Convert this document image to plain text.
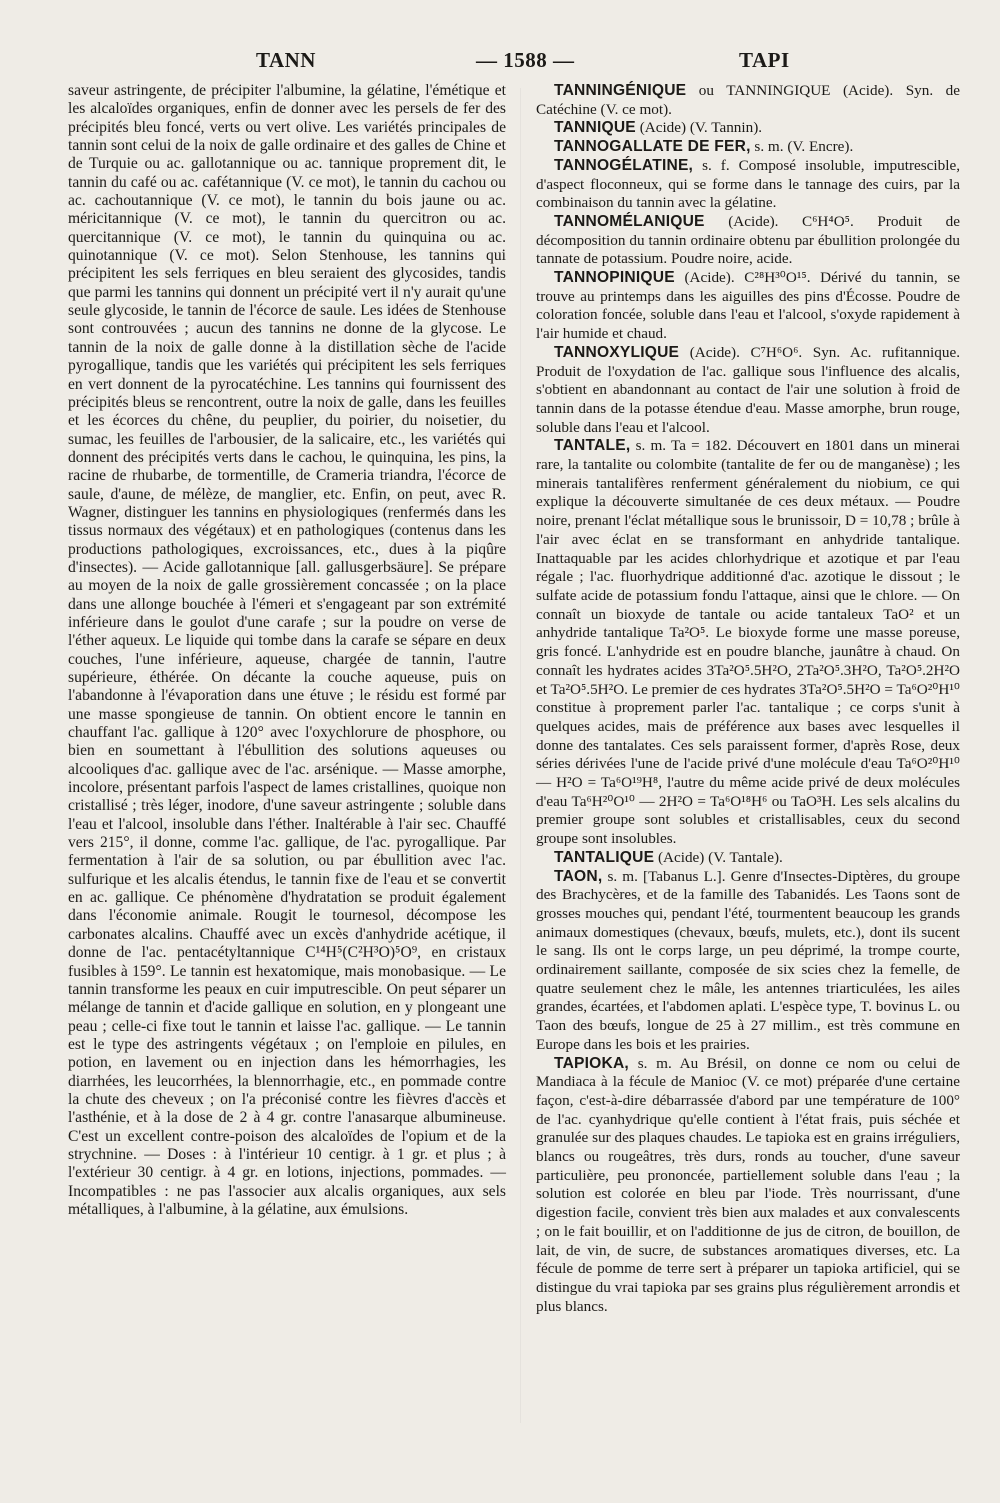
TANN	— 1588 —	TAPI

saveur astringente, de précipiter l'albumine, la gélatine, l'émétique et les alcaloïdes organiques, enfin de donner avec les persels de fer des précipités bleu foncé, verts ou vert olive. Les variétés principales de tannin sont celui de la noix de galle ordinaire et des galles de Chine et de Turquie ou ac. gallotannique ou ac. tannique proprement dit, le tannin du café ou ac. cafétannique (V. ce mot), le tannin du cachou ou ac. cachoutannique (V. ce mot), le tannin du bois jaune ou ac. méricitannique (V. ce mot), le tannin du quercitron ou ac. quercitannique (V. ce mot), le tannin du quinquina ou ac. quinotannique (V. ce mot). Selon Stenhouse, les tannins qui précipitent les sels ferriques en bleu seraient des glycosides, tandis que parmi les tannins qui donnent un précipité vert il n'y aurait qu'une seule glycoside, le tannin de l'écorce de saule. Les idées de Stenhouse sont controuvées ; aucun des tannins ne donne de la glycose. Le tannin de la noix de galle donne à la distillation sèche de l'acide pyrogallique, tandis que les variétés qui précipitent les sels ferriques en vert donnent de la pyrocatéchine. Les tannins qui fournissent des précipités bleus se rencontrent, outre la noix de galle, dans les feuilles et les écorces du chêne, du peuplier, du poirier, du noisetier, du sumac, les feuilles de l'arbousier, de la salicaire, etc., les variétés qui donnent des précipités verts dans le cachou, le quinquina, les pins, la racine de rhubarbe, de tormentille, de Crameria triandra, l'écorce de saule, d'aune, de mélèze, de manglier, etc. Enfin, on peut, avec R. Wagner, distinguer les tannins en physiologiques (renfermés dans les tissus normaux des végétaux) et en pathologiques (contenus dans les productions pathologiques, excroissances, etc., dues à la piqûre d'insectes). — Acide gallotannique [all. gallusgerbsäure]. Se prépare au moyen de la noix de galle grossièrement concassée ; on la place dans une allonge bouchée à l'émeri et s'engageant par son extrémité inférieure dans le goulot d'une carafe ; sur la poudre on verse de l'éther aqueux. Le liquide qui tombe dans la carafe se sépare en deux couches, l'une inférieure, aqueuse, chargée de tannin, l'autre supérieure, éthérée. On décante la couche aqueuse, puis on l'abandonne à l'évaporation dans une étuve ; le résidu est formé par une masse spongieuse de tannin. On obtient encore le tannin en chauffant l'ac. gallique à 120° avec l'oxychlorure de phosphore, ou bien en soumettant à l'ébullition des solutions aqueuses ou alcooliques d'ac. gallique avec de l'ac. arsénique. — Masse amorphe, incolore, présentant parfois l'aspect de lames cristallines, quoique non cristallisé ; très léger, inodore, d'une saveur astringente ; soluble dans l'eau et l'alcool, insoluble dans l'éther. Inaltérable à l'air sec. Chauffé vers 215°, il donne, comme l'ac. gallique, de l'ac. pyrogallique. Par fermentation à l'air de sa solution, ou par ébullition avec l'ac. sulfurique et les alcalis étendus, le tannin fixe de l'eau et se convertit en ac. gallique. Ce phénomène d'hydratation se produit également dans l'économie animale. Rougit le tournesol, décompose les carbonates alcalins. Chauffé avec un excès d'anhydride acétique, il donne de l'ac. pentacétyltannique C¹⁴H⁵(C²H³O)⁵O⁹, en cristaux fusibles à 159°. Le tannin est hexatomique, mais monobasique. — Le tannin transforme les peaux en cuir imputrescible. On peut séparer un mélange de tannin et d'acide gallique en solution, en y plongeant une peau ; celle-ci fixe tout le tannin et laisse l'ac. gallique. — Le tannin est le type des astringents végétaux ; on l'emploie en pilules, en potion, en lavement ou en injection dans les hémorrhagies, les diarrhées, les leucorrhées, la blennorrhagie, etc., en pommade contre la chute des cheveux ; on l'a préconisé contre les fièvres d'accès et l'asthénie, et à la dose de 2 à 4 gr. contre l'anasarque albumineuse. C'est un excellent contre-poison des alcaloïdes de l'opium et de la strychnine. — Doses : à l'intérieur 10 centigr. à 1 gr. et plus ; à l'extérieur 30 centigr. à 4 gr. en lotions, injections, pommades. — Incompatibles : ne pas l'associer aux alcalis organiques, aux sels métalliques, à l'albumine, à la gélatine, aux émulsions.

TANNINGÉNIQUE ou TANNINGIQUE (Acide). Syn. de Catéchine (V. ce mot).

TANNIQUE (Acide) (V. Tannin).

TANNOGALLATE DE FER, s. m. (V. Encre).

TANNOGÉLATINE, s. f. Composé insoluble, imputrescible, d'aspect floconneux, qui se forme dans le tannage des cuirs, par la combinaison du tannin avec la gélatine.

TANNOMÉLANIQUE (Acide). C⁶H⁴O⁵. Produit de décomposition du tannin ordinaire obtenu par ébullition prolongée du tannate de potassium. Poudre noire, acide.

TANNOPINIQUE (Acide). C²⁸H³⁰O¹⁵. Dérivé du tannin, se trouve au printemps dans les aiguilles des pins d'Écosse. Poudre de coloration foncée, soluble dans l'eau et l'alcool, s'oxyde rapidement à l'air humide et chaud.

TANNOXYLIQUE (Acide). C⁷H⁶O⁶. Syn. Ac. rufitannique. Produit de l'oxydation de l'ac. gallique sous l'influence des alcalis, s'obtient en abandonnant au contact de l'air une solution à froid de tannin dans de la potasse étendue d'eau. Masse amorphe, brun rouge, soluble dans l'eau et l'alcool.

TANTALE, s. m. Ta = 182. Découvert en 1801 dans un minerai rare, la tantalite ou colombite (tantalite de fer ou de manganèse) ; les minerais tantalifères renferment généralement du niobium, ce qui explique la découverte simultanée de ces deux métaux. — Poudre noire, prenant l'éclat métallique sous le brunissoir, D = 10,78 ; brûle à l'air avec éclat en se transformant en anhydride tantalique. Inattaquable par les acides chlorhydrique et azotique et par l'eau régale ; l'ac. fluorhydrique additionné d'ac. azotique le dissout ; le sulfate acide de potassium fondu l'attaque, ainsi que le chlore. — On connaît un bioxyde de tantale ou acide tantaleux TaO² et un anhydride tantalique Ta²O⁵. Le bioxyde forme une masse poreuse, gris foncé. L'anhydride est en poudre blanche, jaunâtre à chaud. On connaît les hydrates acides 3Ta²O⁵.5H²O, 2Ta²O⁵.3H²O, Ta²O⁵.2H²O et Ta²O⁵.5H²O. Le premier de ces hydrates 3Ta²O⁵.5H²O = Ta⁶O²⁰H¹⁰ constitue à proprement parler l'ac. tantalique ; ce corps s'unit à quelques acides, mais de préférence aux bases avec lesquelles il donne des tantalates. Ces sels paraissent former, d'après Rose, deux séries dérivées l'une de l'acide privé d'une molécule d'eau Ta⁶O²⁰H¹⁰ — H²O = Ta⁶O¹⁹H⁸, l'autre du même acide privé de deux molécules d'eau Ta⁶H²⁰O¹⁰ — 2H²O = Ta⁶O¹⁸H⁶ ou TaO³H. Les sels alcalins du premier groupe sont solubles et cristallisables, ceux du second groupe sont insolubles.

TANTALIQUE (Acide) (V. Tantale).

TAON, s. m. [Tabanus L.]. Genre d'Insectes-Diptères, du groupe des Brachycères, et de la famille des Tabanidés. Les Taons sont de grosses mouches qui, pendant l'été, tourmentent beaucoup les grands animaux domestiques (chevaux, bœufs, mulets, etc.), dont ils sucent le sang. Ils ont le corps large, un peu déprimé, la trompe courte, ordinairement saillante, composée de six scies chez la femelle, de quatre seulement chez le mâle, les antennes triarticulées, les ailes grandes, écartées, et l'abdomen aplati. L'espèce type, T. bovinus L. ou Taon des bœufs, longue de 25 à 27 millim., est très commune en Europe dans les bois et les prairies.

TAPIOKA, s. m. Au Brésil, on donne ce nom ou celui de Mandiaca à la fécule de Manioc (V. ce mot) préparée d'une certaine façon, c'est-à-dire débarrassée d'abord par une température de 100° de l'ac. cyanhydrique qu'elle contient à l'état frais, puis séchée et granulée sur des plaques chaudes. Le tapioka est en grains irréguliers, blancs ou rougeâtres, très durs, ronds au toucher, d'une saveur particulière, peu prononcée, partiellement soluble dans l'eau ; la solution est colorée en bleu par l'iode. Très nourrissant, d'une digestion facile, convient très bien aux malades et aux convalescents ; on le fait bouillir, et on l'additionne de jus de citron, de bouillon, de lait, de vin, de sucre, de substances aromatiques diverses, etc. La fécule de pomme de terre sert à préparer un tapioka artificiel, qui se distingue du vrai tapioka par ses grains plus régulièrement arrondis et plus blancs.
